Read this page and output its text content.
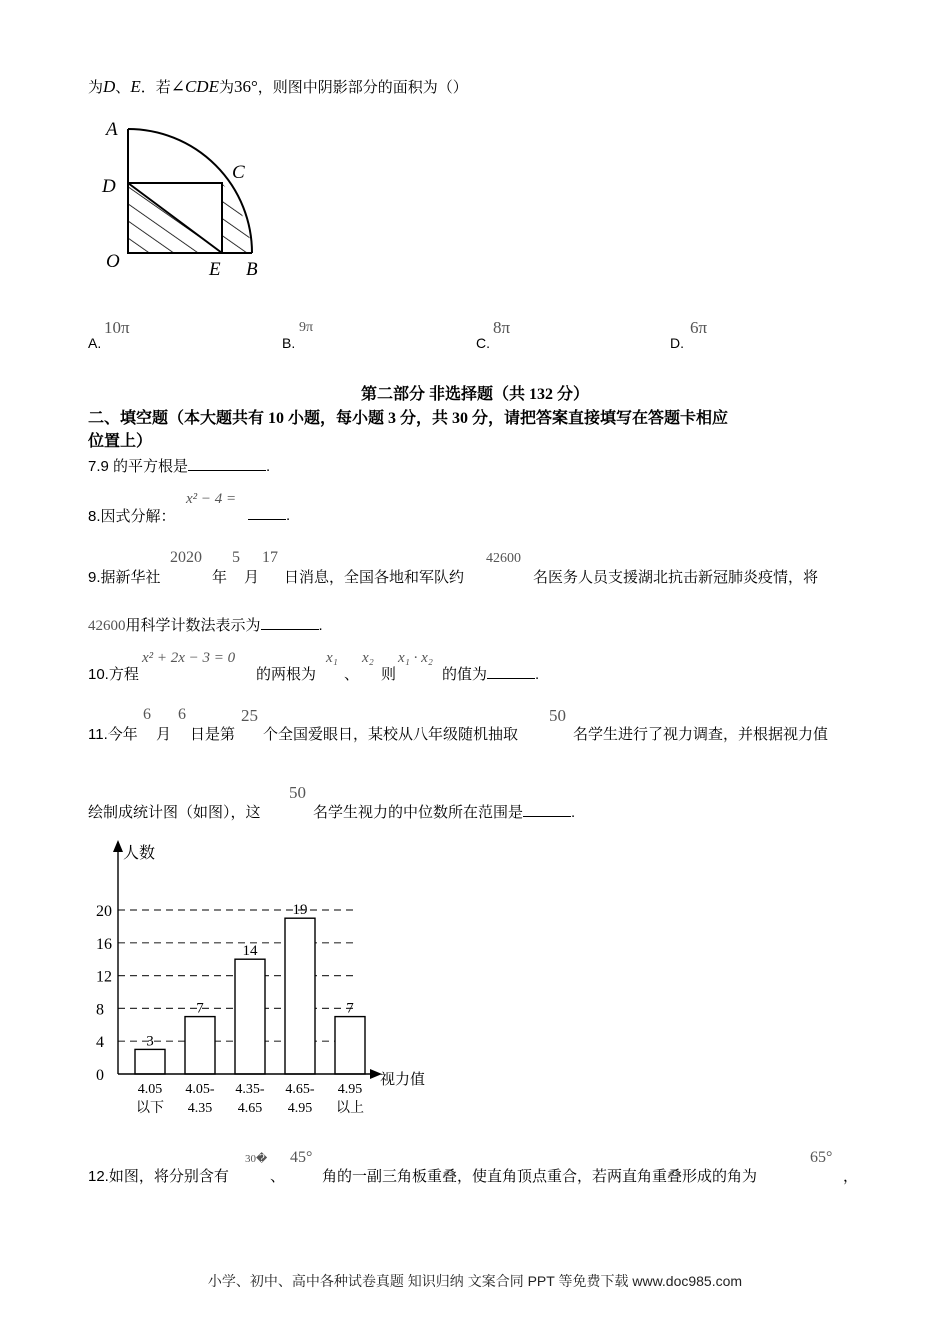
为D、E．若∠CDE为36°，则图中阴影部分的面积为（）
A
C
D
O	E B
A.
10π
B.
9π
C.
8π
D.
6π
第二部分 非选择题（共 132 分）
二、填空题（本大题共有 10 小题，每小题 3 分，共 30 分，请把答案直接填写在答题卡相应
位置上）
7.9 的平方根是	.
8.因式分解：
x² − 4 =
.
9.据新华社
2020
年
5
月
17
日消息，全国各地和军队约
42600
名医务人员支援湖北抗击新冠肺炎疫情，将
42600用科学计数法表示为	.
10.方程
x² + 2x − 3 = 0
的两根为
x₁
、
x₂
则
x₁ · x₂
的值为	.
11.今年
6
月
6
日是第
25
个全国爱眼日，某校从八年级随机抽取
50
名学生进行了视力调查，并根据视力值
绘制成统计图（如图），这
50
名学生视力的中位数所在范围是	.
3
7
14
19
7
0
4
8
12
16
20
4.05
以下
4.05-
4.35
4.35-
4.65
4.65-
4.95
4.95
以上
人数
视力值
12.如图，将分别含有
30�
、
45°
角的一副三角板重叠，使直角顶点重合，若两直角重叠形成的角为
65°
，
小学、初中、高中各种试卷真题 知识归纳 文案合同 PPT 等免费下载 www.doc985.com
